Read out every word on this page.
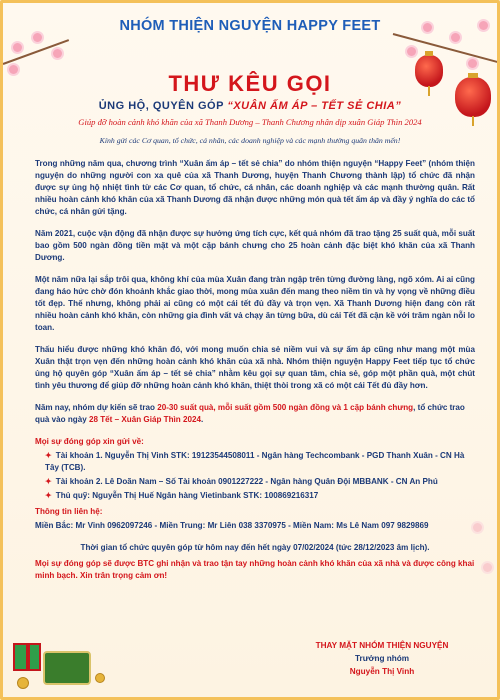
NHÓM THIỆN NGUYỆN HAPPY FEET
THƯ KÊU GỌI
ỦNG HỘ, QUYÊN GÓP “XUÂN ẤM ÁP – TẾT SẺ CHIA”
Giúp đỡ hoàn cảnh khó khăn của xã Thanh Dương – Thanh Chương nhân dịp xuân Giáp Thìn 2024
Kính gửi các Cơ quan, tổ chức, cá nhân, các doanh nghiệp và các mạnh thường quân thân mến!

Trong những năm qua, chương trình “Xuân ấm áp – tết sẻ chia” do nhóm thiện nguyện “Happy Feet” (nhóm thiện nguyện do những người con xa quê của xã Thanh Dương, huyện Thanh Chương thành lập) tổ chức đã nhận được sự ủng hộ nhiệt tình từ các Cơ quan, tổ chức, cá nhân, các doanh nghiệp và các mạnh thường quân. Rất nhiều hoàn cảnh khó khăn của xã Thanh Dương đã nhận được những món quà tết ấm áp và đầy ý nghĩa do các tổ chức, cá nhân gửi tặng.

Năm 2021, cuộc vận động đã nhận được sự hưởng ứng tích cực, kết quả nhóm đã trao tặng 25 suất quà, mỗi suất bao gồm 500 ngàn đồng tiền mặt và một cặp bánh chưng cho 25 hoàn cảnh đặc biệt khó khăn của xã Thanh Dương.

Một năm nữa lại sắp trôi qua, không khí của mùa Xuân đang tràn ngập trên từng đường làng, ngõ xóm. Ai ai cũng đang háo hức chờ đón khoảnh khắc giao thời, mong mùa xuân đến mang theo niềm tin và hy vọng về những điều tốt đẹp. Thế nhưng, không phải ai cũng có một cái tết đủ đầy và trọn vẹn. Xã Thanh Dương hiện đang còn rất nhiều hoàn cảnh khó khăn, còn những gia đình vất vả chạy ăn từng bữa, dù cái Tết đã cận kề với trăm ngàn nỗi lo toan.

Thấu hiểu được những khó khăn đó, với mong muốn chia sẻ niềm vui và sự ấm áp cũng như mang một mùa Xuân thật trọn vẹn đến những hoàn cảnh khó khăn của xã nhà. Nhóm thiện nguyện Happy Feet tiếp tục tổ chức ủng hộ quyên góp “Xuân ấm áp – tết sẻ chia” nhằm kêu gọi sự quan tâm, chia sẻ, góp một phần quà, một chút tình yêu thương để giúp đỡ những hoàn cảnh khó khăn, thiệt thòi trong xã có một cái Tết đủ đầy hơn.

Năm nay, nhóm dự kiến sẽ trao 20-30 suất quà, mỗi suất gồm 500 ngàn đồng và 1 cặp bánh chưng, tổ chức trao quà vào ngày 28 Tết – Xuân Giáp Thìn 2024.

Mọi sự đóng góp xin gửi về:
✦ Tài khoản 1. Nguyễn Thị Vinh STK: 19123544508011 - Ngân hàng Techcombank - PGD Thanh Xuân - CN Hà Tây (TCB).
✦ Tài khoản 2. Lê Doãn Nam – Số Tài khoản 0901227222 - Ngân hàng Quân Đội MBBANK - CN An Phú
✦ Thủ quỹ: Nguyễn Thị Huế Ngân hàng Vietinbank STK: 100869216317
Thông tin liên hệ:
Miền Bắc: Mr Vinh 0962097246 - Miền Trung: Mr Liên 038 3370975 - Miền Nam: Ms Lê Nam 097 9829869

Thời gian tổ chức quyên góp từ hôm nay đến hết ngày 07/02/2024 (tức 28/12/2023 âm lịch).

Mọi sự đóng góp sẽ được BTC ghi nhận và trao tận tay những hoàn cảnh khó khăn của xã nhà và được công khai minh bạch. Xin trân trọng cảm ơn!

THAY MẶT NHÓM THIỆN NGUYỆN
Trưởng nhóm
Nguyễn Thị Vinh
